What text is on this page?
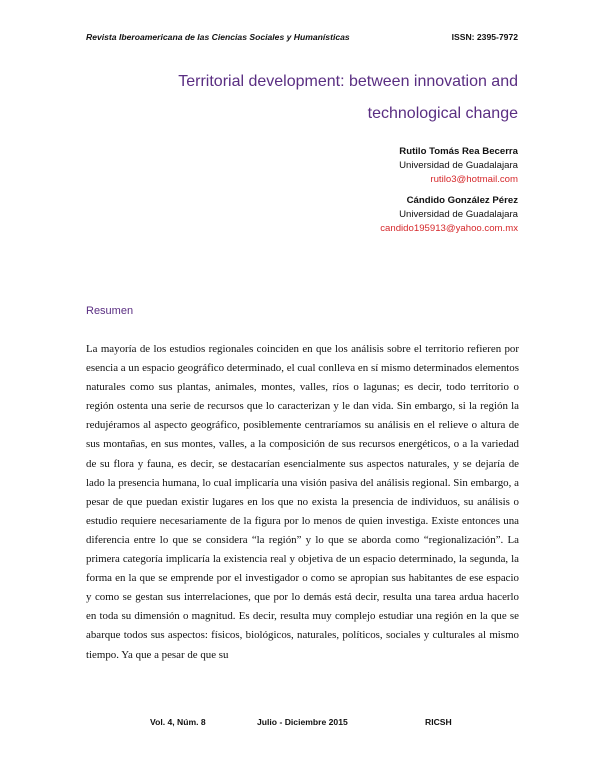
Revista Iberoamericana de las Ciencias Sociales y Humanísticas	ISSN: 2395-7972
Territorial development: between innovation and
technological change
Rutilo Tomás Rea Becerra
Universidad de Guadalajara
rutilo3@hotmail.com
Cándido González Pérez
Universidad de Guadalajara
candido195913@yahoo.com.mx
Resumen
La mayoría de los estudios regionales coinciden en que los análisis sobre el territorio refieren por esencia a un espacio geográfico determinado, el cual conlleva en sí mismo determinados elementos naturales como sus plantas, animales, montes, valles, ríos o lagunas; es decir, todo territorio o región ostenta una serie de recursos que lo caracterizan y le dan vida. Sin embargo, si la región la redujéramos al aspecto geográfico, posiblemente centraríamos su análisis en el relieve o altura de sus montañas, en sus montes, valles, a la composición de sus recursos energéticos, o a la variedad de su flora y fauna, es decir, se destacarían esencialmente sus aspectos naturales, y se dejaría de lado la presencia humana, lo cual implicaría una visión pasiva del análisis regional. Sin embargo, a pesar de que puedan existir lugares en los que no exista la presencia de individuos, su análisis o estudio requiere necesariamente de la figura por lo menos de quien investiga. Existe entonces una diferencia entre lo que se considera “la región” y lo que se aborda como “regionalización”. La primera categoría implicaría la existencia real y objetiva de un espacio determinado, la segunda, la forma en la que se emprende por el investigador o como se apropian sus habitantes de ese espacio y como se gestan sus interrelaciones, que por lo demás está decir, resulta una tarea ardua hacerlo en toda su dimensión o magnitud. Es decir, resulta muy complejo estudiar una región en la que se abarque todos sus aspectos: físicos, biológicos, naturales, políticos, sociales y culturales al mismo tiempo. Ya que a pesar de que su
Vol. 4, Núm. 8	Julio - Diciembre 2015	RICSH
